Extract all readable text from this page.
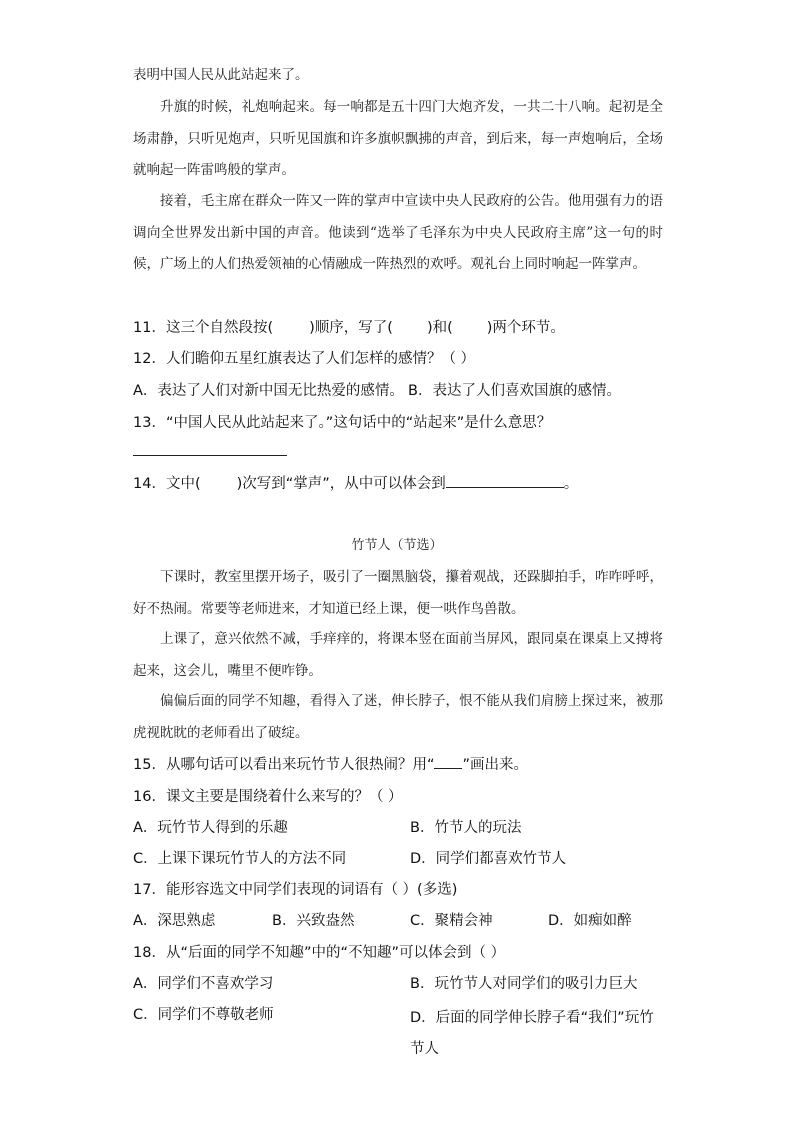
表明中国人民从此站起来了。
升旗的时候，礼炮响起来。每一响都是五十四门大炮齐发，一共二十八响。起初是全场肃静，只听见炮声，只听见国旗和许多旗帜飘拂的声音，到后来，每一声炮响后，全场就响起一阵雷鸣般的掌声。
接着，毛主席在群众一阵又一阵的掌声中宣读中央人民政府的公告。他用强有力的语调向全世界发出新中国的声音。他读到“选举了毛泽东为中央人民政府主席”这一句的时候，广场上的人们热爱领袖的心情融成一阵热烈的欢呼。观礼台上同时响起一阵掌声。
11．这三个自然段按( )顺序，写了( )和( )两个环节。
12．人们瞻仰五星红旗表达了人们怎样的感情？（ ）
A．表达了人们对新中国无比热爱的感情。 B．表达了人们喜欢国旗的感情。
13．“中国人民从此站起来了。”这句话中的“站起来”是什么意思？
14．文中( )次写到“掌声”，从中可以体会到	。
竹节人（节选）
下课时，教室里摆开场子，吸引了一圈黑脑袋，攥着观战，还跺脚拍手，咋咋呼呼，好不热闹。常要等老师进来，才知道已经上课，便一哄作鸟兽散。
上课了，意兴依然不减，手痒痒的，将课本竖在面前当屏风，跟同桌在课桌上又搏将起来，这会儿，嘴里不便咋铮。
偏偏后面的同学不知趣，看得入了迷，伸长脖子，恨不能从我们肩膀上探过来，被那虎视眈眈的老师看出了破绽。
15．从哪句话可以看出来玩竹节人很热闹？用“ ”画出来。
16．课文主要是围绕着什么来写的？（ ）
A．玩竹节人得到的乐趣	B．竹节人的玩法
C．上课下课玩竹节人的方法不同	D．同学们都喜欢竹节人
17．能形容选文中同学们表现的词语有（ ）(多选)
A．深思熟虑	B．兴致盎然	C．聚精会神	D．如痴如醉
18．从“后面的同学不知趣”中的“不知趣”可以体会到（ ）
A．同学们不喜欢学习	B．玩竹节人对同学们的吸引力巨大
C．同学们不尊敬老师	D．后面的同学伸长脖子看“我们”玩竹节人
